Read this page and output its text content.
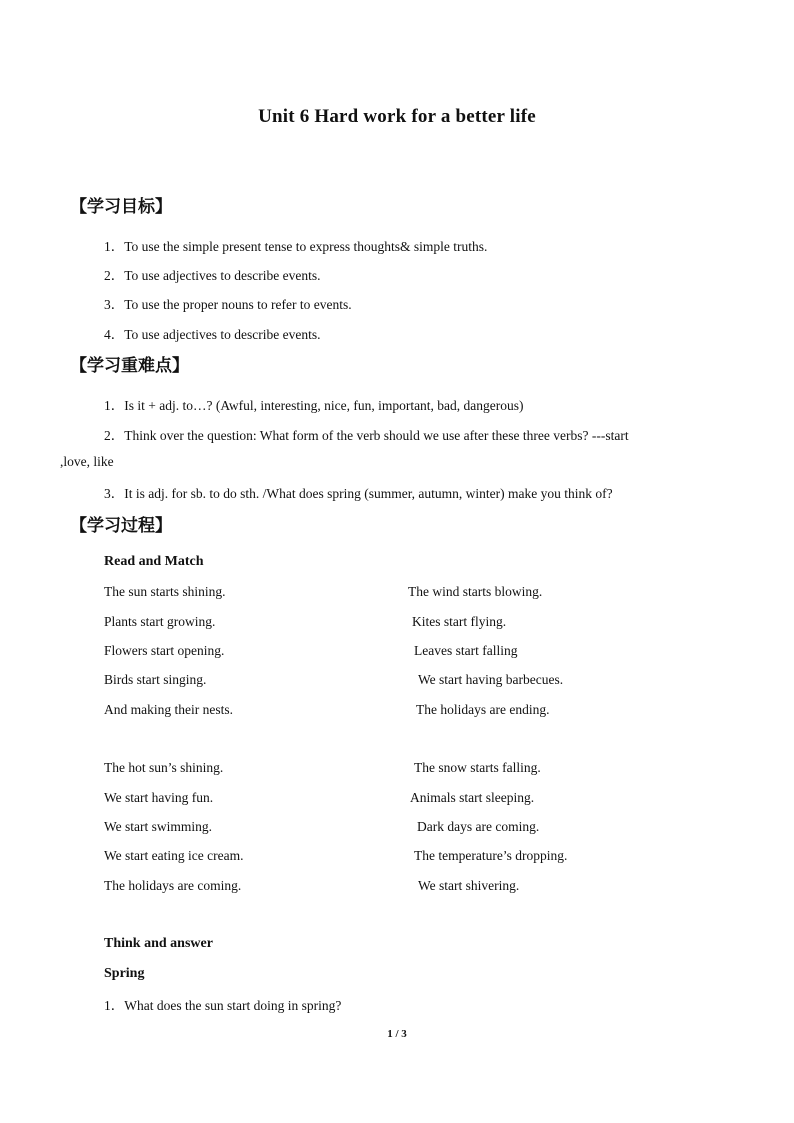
Unit 6 Hard work for a better life
【学习目标】
1．To use the simple present tense to express thoughts& simple truths.
2．To use adjectives to describe events.
3．To use the proper nouns to refer to events.
4．To use adjectives to describe events.
【学习重难点】
1．Is it + adj. to…? (Awful, interesting, nice, fun, important, bad, dangerous)
2．Think over the question: What form of the verb should we use after these three verbs? ---start
,love, like
3．It is adj. for sb. to do sth. /What does spring (summer, autumn, winter) make you think of?
【学习过程】
Read and Match
The sun starts shining.
Plants start growing.
Flowers start opening.
Birds start singing.
And making their nests.
The wind starts blowing.
Kites start flying.
Leaves start falling
We start having barbecues.
The holidays are ending.
The hot sun’s shining.
We start having fun.
We start swimming.
We start eating ice cream.
The holidays are coming.
The snow starts falling.
Animals start sleeping.
Dark days are coming.
The temperature’s dropping.
We start shivering.
Think and answer
Spring
1．What does the sun start doing in spring?
1 / 3
